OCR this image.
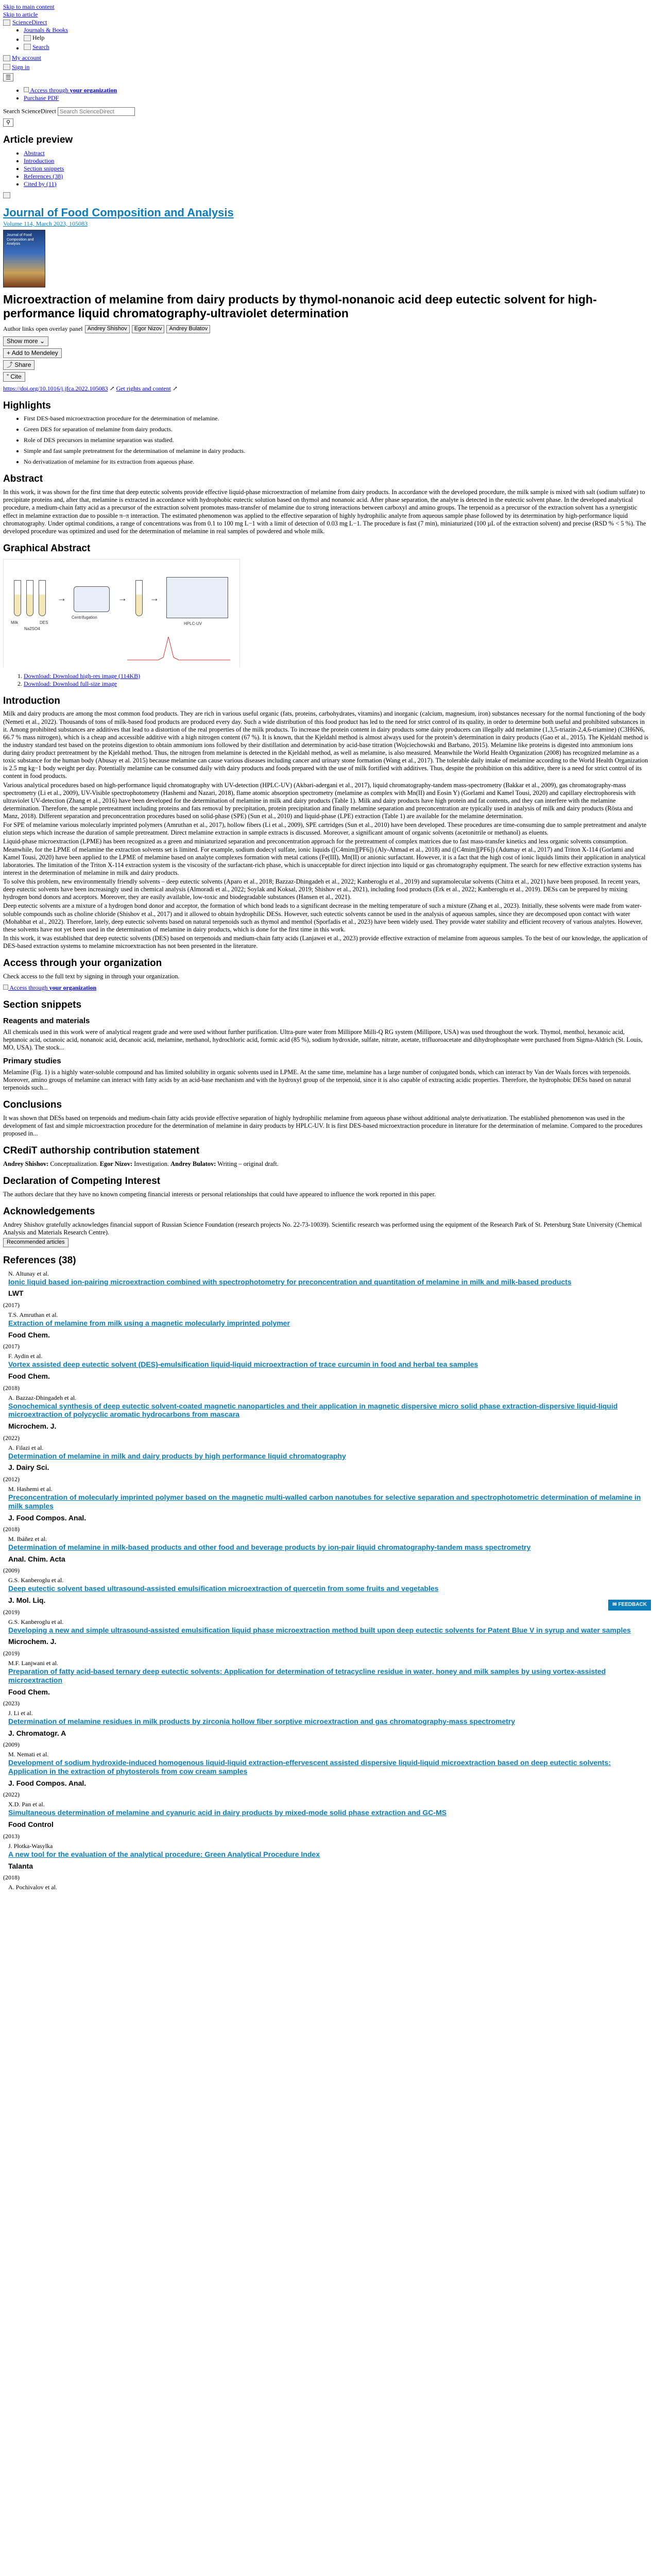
Skip to main content
Skip to article
ScienceDirect
• Journals & Books
• Help
• Search
My account

Sign in
☰
•  Access through your organization
• Purchase PDF
Search ScienceDirect Search ScienceDirect
⚲
Article preview
• Abstract
• Introduction
• Section snippets
• References (38)
• Cited by (11)
Journal of Food Composition and Analysis
Volume 114, March 2023, 105083
Journal of Food Composition and Analysis
Microextraction of melamine from dairy products by thymol-nonanoic acid deep eutectic solvent for high-performance liquid chromatography-ultraviolet determination
Author links open overlay panel Andrey Shishov	Egor Nizov	Andrey Bulatov
Show more ⌄
+ Add to Mendeley
⤴ Share
” Cite
https://doi.org/10.1016/j.jfca.2022.105083 ↗ Get rights and content ↗
Highlights
• First DES-based microextraction procedure for the determination of melamine.
• Green DES for separation of melamine from dairy products.
• Role of DES precursors in melamine separation was studied.
• Simple and fast sample pretreatment for the determination of melamine in dairy products.
• No derivatization of melamine for its extraction from aqueous phase.
Abstract

In this work, it was shown for the first time that deep eutectic solvents provide effective liquid-phase microextraction of melamine from dairy products. In accordance with the developed procedure, the milk sample is mixed with salt (sodium sulfate) to precipitate proteins and, after that, melamine is extracted in accordance with hydrophobic eutectic solution based on thymol and nonanoic acid. After phase separation, the analyte is detected in the eutectic solvent phase. In the developed analytical procedure, a medium-chain fatty acid as a precursor of the extraction solvent promotes mass-transfer of melamine due to strong interactions between carboxyl and amino groups. The terpenoid as a precursor of the extraction solvent has a synergistic effect in melamine extraction due to possible π–π interaction. The estimated phenomenon was applied to the effective separation of highly hydrophilic analyte from aqueous sample phase followed by its determination by high-performance liquid chromatography. Under optimal conditions, a range of concentrations was from 0.1 to 100 mg L−1 with a limit of detection of 0.03 mg L−1. The procedure is fast (7 min), miniaturized (100 µL of the extraction solvent) and precise (RSD % < 5 %). The developed procedure was optimized and used for the determination of melamine in real samples of powdered and whole milk.

Graphical Abstract
Milk
Na2SO4
DES
→
Centrifugation
→ →
HPLC-UV
1. Download: Download high-res image (114KB)
2. Download: Download full-size image
Introduction

Milk and dairy products are among the most common food products. They are rich in various useful organic (fats, proteins, carbohydrates, vitamins) and inorganic (calcium, magnesium, iron) substances necessary for the normal functioning of the body (Nemeti et al., 2022). Thousands of tons of milk-based food products are produced every day. Such a wide distribution of this food product has led to the need for strict control of its quality, in order to determine both useful and prohibited substances in it. Among prohibited substances are additives that lead to a distortion of the real properties of the milk products. To increase the protein content in dairy products some dairy producers can illegally add melamine (1,3,5-triazin-2,4,6-triamine) (C3H6N6, 66.7 % mass nitrogen), which is a cheap and accessible additive with a high nitrogen content (67 %). It is known, that the Kjeldahl method is almost always used for the protein’s determination in dairy products (Gao et al., 2015). The Kjeldahl method is the industry standard test based on the proteins digestion to obtain ammonium ions followed by their distillation and determination by acid-base titration (Wojciechowski and Barbano, 2015). Melamine like proteins is digested into ammonium ions during dairy product pretreatment by the Kjeldahl method. Thus, the nitrogen from melamine is detected in the Kjeldahl method, as well as melamine, is also measured. Meanwhile the World Health Organization (2008) has recognized melamine as a toxic substance for the human body (Abusay et al. 2015) because melamine can cause various diseases including cancer and urinary stone formation (Wang et al., 2017). The tolerable daily intake of melamine according to the World Health Organization is 2.5 mg kg−1 body weight per day. Potentially melamine can be consumed daily with dairy products and foods prepared with the use of milk fortified with additives. Thus, despite the prohibition on this additive, there is a need for strict control of its content in food products.

Various analytical procedures based on high-performance liquid chromatography with UV-detection (HPLC-UV) (Akbari-adergani et al., 2017), liquid chromatography-tandem mass-spectrometry (Bakkar et al., 2009), gas chromatography-mass spectrometry (Li et al., 2009), UV-Visible spectrophotometry (Hashemi and Nazari, 2018), flame atomic absorption spectrometry (melamine as complex with Mn(II) and Eosin Y) (Gorlami and Kamel Tousi, 2020) and capillary electrophoresis with ultraviolet UV-detection (Zhang et al., 2016) have been developed for the determination of melamine in milk and dairy products (Table 1). Milk and dairy products have high protein and fat contents, and they can interfere with the melamine determination. Therefore, the sample pretreatment including proteins and fats removal by precipitation, protein precipitation and finally melamine separation and preconcentration are typically used in analysis of milk and dairy products (Rösta and Manz, 2018). Different separation and preconcentration procedures based on solid-phase (SPE) (Sun et al., 2010) and liquid-phase (LPE) extraction (Table 1) are available for the melamine determination.

For SPE of melamine various molecularly imprinted polymers (Amruthan et al., 2017), hollow fibers (Li et al., 2009), SPE cartridges (Sun et al., 2010) have been developed. These procedures are time-consuming due to sample pretreatment and analyte elution steps which increase the duration of sample pretreatment. Direct melamine extraction in sample extracts is discussed. Moreover, a significant amount of organic solvents (acetonitrile or methanol) as eluents.

Liquid-phase microextraction (LPME) has been recognized as a green and miniaturized separation and preconcentration approach for the pretreatment of complex matrices due to fast mass-transfer kinetics and less organic solvents consumption. Meanwhile, for the LPME of melamine the extraction solvents set is limited. For example, sodium dodecyl sulfate, ionic liquids ([C4mim][PF6]) (Aly-Ahmad et al., 2018) and ([C4mim][PF6]) (Adumay et al., 2017) and Triton X-114 (Gorlami and Kamel Tousi, 2020) have been applied to the LPME of melamine based on analyte complexes formation with metal cations (Fe(III), Mn(II) or anionic surfactant. However, it is a fact that the high cost of ionic liquids limits their application in analytical laboratories. The limitation of the Triton X-114 extraction system is the viscosity of the surfactant-rich phase, which is unacceptable for direct injection into liquid or gas chromatography equipment. The search for new effective extraction systems has interest in the determination of melamine in milk and dairy products.

To solve this problem, new environmentally friendly solvents – deep eutectic solvents (Aparo et al., 2018; Bazzaz-Dhingadeh et al., 2022; Kanberoglu et al., 2019) and supramolecular solvents (Chitra et al., 2021) have been proposed. In recent years, deep eutectic solvents have been increasingly used in chemical analysis (Almoradi et al., 2022; Soylak and Koksal, 2019; Shishov et al., 2021), including food products (Erk et al., 2022; Kanberoglu et al., 2019). DESs can be prepared by mixing hydrogen bond donors and acceptors. Moreover, they are easily available, low-toxic and biodegradable substances (Hansen et al., 2021).

Deep eutectic solvents are a mixture of a hydrogen bond donor and acceptor, the formation of which bond leads to a significant decrease in the melting temperature of such a mixture (Zhang et al., 2023). Initially, these solvents were made from water-soluble compounds such as choline chloride (Shishov et al., 2017) and it allowed to obtain hydrophilic DESs. However, such eutectic solvents cannot be used in the analysis of aqueous samples, since they are decomposed upon contact with water (Mohabbat et al., 2022). Therefore, lately, deep eutectic solvents based on natural terpenoids such as thymol and menthol (Sporfadis et al., 2023) have been widely used. They provide water stability and efficient recovery of various analytes. However, these solvents have not yet been used in the determination of melamine in dairy products, which is done for the first time in this work.

In this work, it was established that deep eutectic solvents (DES) based on terpenoids and medium-chain fatty acids (Lanjawei et al., 2023) provide effective extraction of melamine from aqueous samples. To the best of our knowledge, the application of DES-based extraction systems to melamine microextraction has not been presented in the literature.

Access through your organization

Check access to the full text by signing in through your organization.

Access through your organization
Section snippets
Reagents and materials

All chemicals used in this work were of analytical reagent grade and were used without further purification. Ultra-pure water from Millipore Milli-Q RG system (Millipore, USA) was used throughout the work. Thymol, menthol, hexanoic acid, heptanoic acid, octanoic acid, nonanoic acid, decanoic acid, melamine, methanol, hydrochloric acid, formic acid (85 %), sodium hydroxide, sulfate, nitrate, acetate, trifluoroacetate and dihydrophosphate were purchased from Sigma-Aldrich (St. Louis, MO, USA). The stock...

Primary studies

Melamine (Fig. 1) is a highly water-soluble compound and has limited solubility in organic solvents used in LPME. At the same time, melamine has a large number of conjugated bonds, which can interact by Van der Waals forces with terpenoids. Moreover, amino groups of melamine can interact with fatty acids by an acid-base mechanism and with the hydroxyl group of the terpenoid, since it is also capable of extracting acidic properties. Therefore, the hydrophobic DESs based on natural terpenoids such...

Conclusions

It was shown that DESs based on terpenoids and medium-chain fatty acids provide effective separation of highly hydrophilic melamine from aqueous phase without additional analyte derivatization. The established phenomenon was used in the development of fast and simple microextraction procedure for the determination of melamine in dairy products by HPLC-UV. It is first DES-based microextraction procedure in literature for the determination of melamine. Compared to the procedures proposed in...

CRediT authorship contribution statement

Andrey Shishov: Conceptualization. Egor Nizov: Investigation. Andrey Bulatov: Writing – original draft.

Declaration of Competing Interest

The authors declare that they have no known competing financial interests or personal relationships that could have appeared to influence the work reported in this paper.

Acknowledgements

Andrey Shishov gratefully acknowledges financial support of Russian Science Foundation (research projects No. 22-73-10039). Scientific research was performed using the equipment of the Research Park of St. Petersburg State University (Chemical Analysis and Materials Research Centre).

Recommended articles
References (38)
N. Altunay et al.
Ionic liquid based ion-pairing microextraction combined with spectrophotometry for preconcentration and quantitation of melamine in milk and milk-based products
LWT
(2017)
T.S. Amruthan et al.
Extraction of melamine from milk using a magnetic molecularly imprinted polymer
Food Chem.
(2017)
F. Aydin et al.
Vortex assisted deep eutectic solvent (DES)-emulsification liquid-liquid microextraction of trace curcumin in food and herbal tea samples
Food Chem.
(2018)
A. Bazzaz-Dhingadeh et al.
Sonochemical synthesis of deep eutectic solvent-coated magnetic nanoparticles and their application in magnetic dispersive micro solid phase extraction-dispersive liquid-liquid microextraction of polycyclic aromatic hydrocarbons from mascara
Microchem. J.
(2022)
A. Filazi et al.
Determination of melamine in milk and dairy products by high performance liquid chromatography
J. Dairy Sci.
(2012)
M. Hashemi et al.
Preconcentration of molecularly imprinted polymer based on the magnetic multi-walled carbon nanotubes for selective separation and spectrophotometric determination of melamine in milk samples
J. Food Compos. Anal.
(2018)
M. Ibáñez et al.
Determination of melamine in milk-based products and other food and beverage products by ion-pair liquid chromatography-tandem mass spectrometry
Anal. Chim. Acta
(2009)
G.S. Kanberoglu et al.
Deep eutectic solvent based ultrasound-assisted emulsification microextraction of quercetin from some fruits and vegetables
J. Mol. Liq.
(2019)
G.S. Kanberoglu et al.
Developing a new and simple ultrasound-assisted emulsification liquid phase microextraction method built upon deep eutectic solvents for Patent Blue V in syrup and water samples
Microchem. J.
(2019)
M.F. Lanjwani et al.
Preparation of fatty acid-based ternary deep eutectic solvents: Application for determination of tetracycline residue in water, honey and milk samples by using vortex-assisted microextraction
Food Chem.
(2023)
J. Li et al.
Determination of melamine residues in milk products by zirconia hollow fiber sorptive microextraction and gas chromatography-mass spectrometry
J. Chromatogr. A
(2009)
M. Nemati et al.
Development of sodium hydroxide-induced homogenous liquid-liquid extraction-effervescent assisted dispersive liquid-liquid microextraction based on deep eutectic solvents: Application in the extraction of phytosterols from cow cream samples
J. Food Compos. Anal.
(2022)
X.D. Pan et al.
Simultaneous determination of melamine and cyanuric acid in dairy products by mixed-mode solid phase extraction and GC-MS
Food Control
(2013)
J. Płotka-Wasylka
A new tool for the evaluation of the analytical procedure: Green Analytical Procedure Index
Talanta
(2018)
A. Pochivalov et al.
✉ FEEDBACK
